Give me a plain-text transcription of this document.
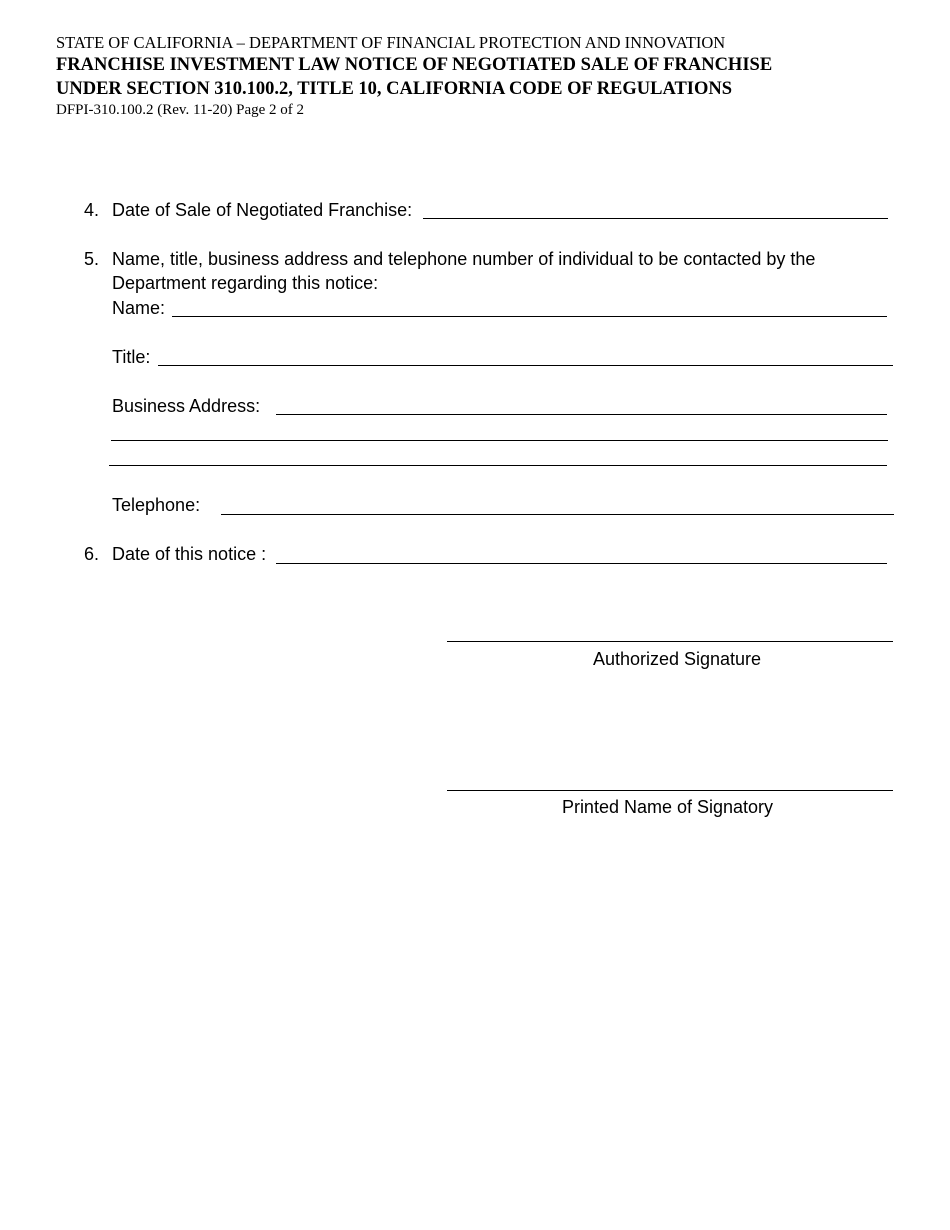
STATE OF CALIFORNIA – DEPARTMENT OF FINANCIAL PROTECTION AND INNOVATION
FRANCHISE INVESTMENT LAW NOTICE OF NEGOTIATED SALE OF FRANCHISE
UNDER SECTION 310.100.2, TITLE 10, CALIFORNIA CODE OF REGULATIONS
DFPI-310.100.2 (Rev. 11-20) Page 2 of 2
4. Date of Sale of Negotiated Franchise:
5. Name, title, business address and telephone number of individual to be contacted by the
Department regarding this notice:
Name:
Title:
Business Address:
Telephone:
6. Date of this notice :
Authorized Signature
Printed Name of Signatory
